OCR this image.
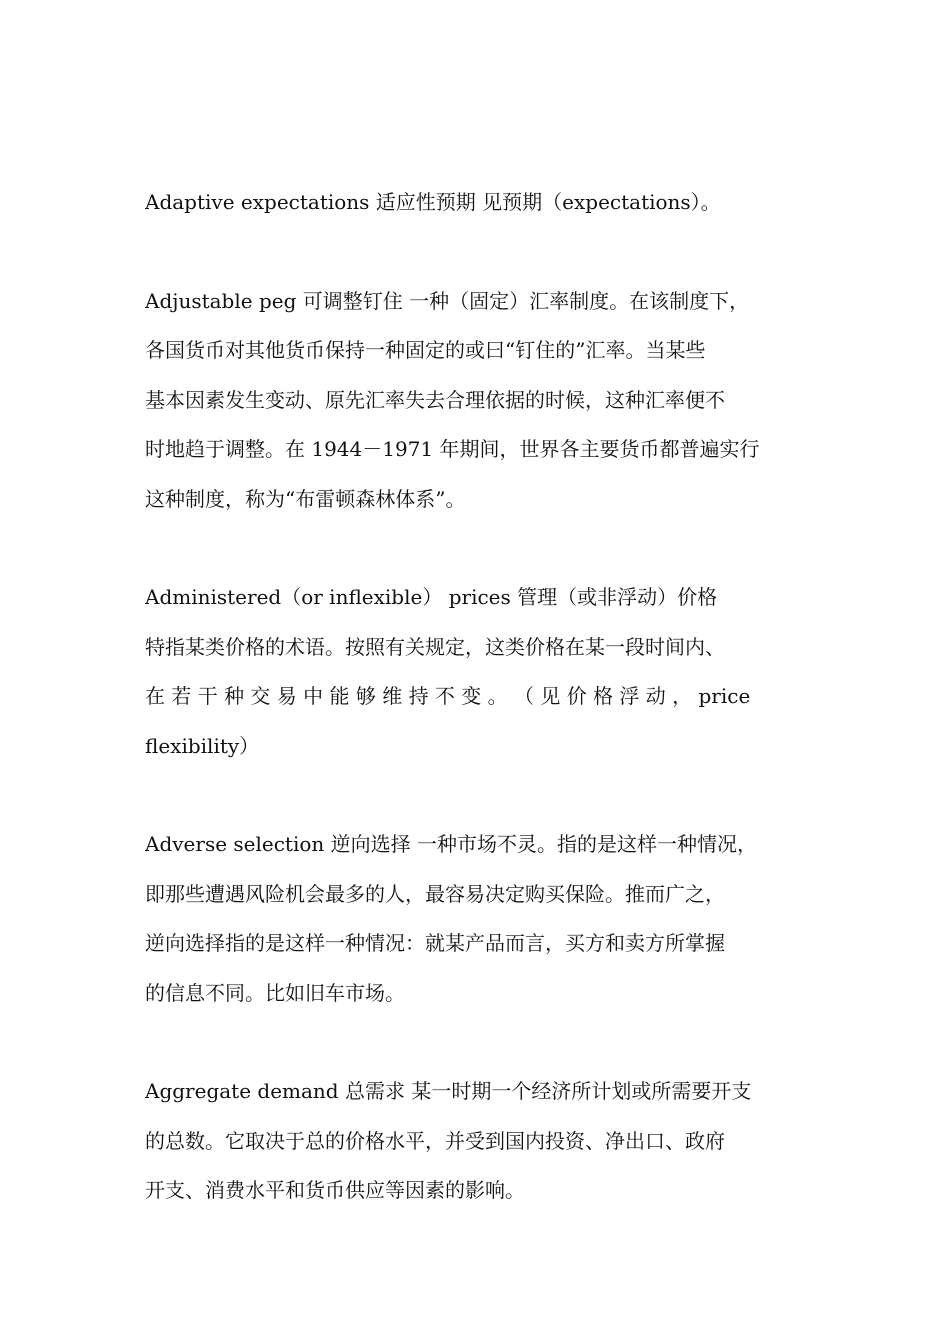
Adaptive expectations 适应性预期 见预期（expectations）。
Adjustable peg 可调整钉住 一种（固定）汇率制度。在该制度下，
各国货币对其他货币保持一种固定的或曰“钉住的”汇率。当某些
基本因素发生变动、原先汇率失去合理依据的时候，这种汇率便不
时地趋于调整。在 1944－1971 年期间，世界各主要货币都普遍实行
这种制度，称为“布雷顿森林体系”。
Administered（or inflexible） prices 管理（或非浮动）价格
特指某类价格的术语。按照有关规定，这类价格在某一段时间内、
在 若 干 种 交 易 中 能 够 维 持 不 变 。 （ 见 价 格 浮 动 ， price
flexibility）
Adverse selection 逆向选择 一种市场不灵。指的是这样一种情况，
即那些遭遇风险机会最多的人，最容易决定购买保险。推而广之，
逆向选择指的是这样一种情况：就某产品而言，买方和卖方所掌握
的信息不同。比如旧车市场。
Aggregate demand 总需求 某一时期一个经济所计划或所需要开支
的总数。它取决于总的价格水平，并受到国内投资、净出口、政府
开支、消费水平和货币供应等因素的影响。
